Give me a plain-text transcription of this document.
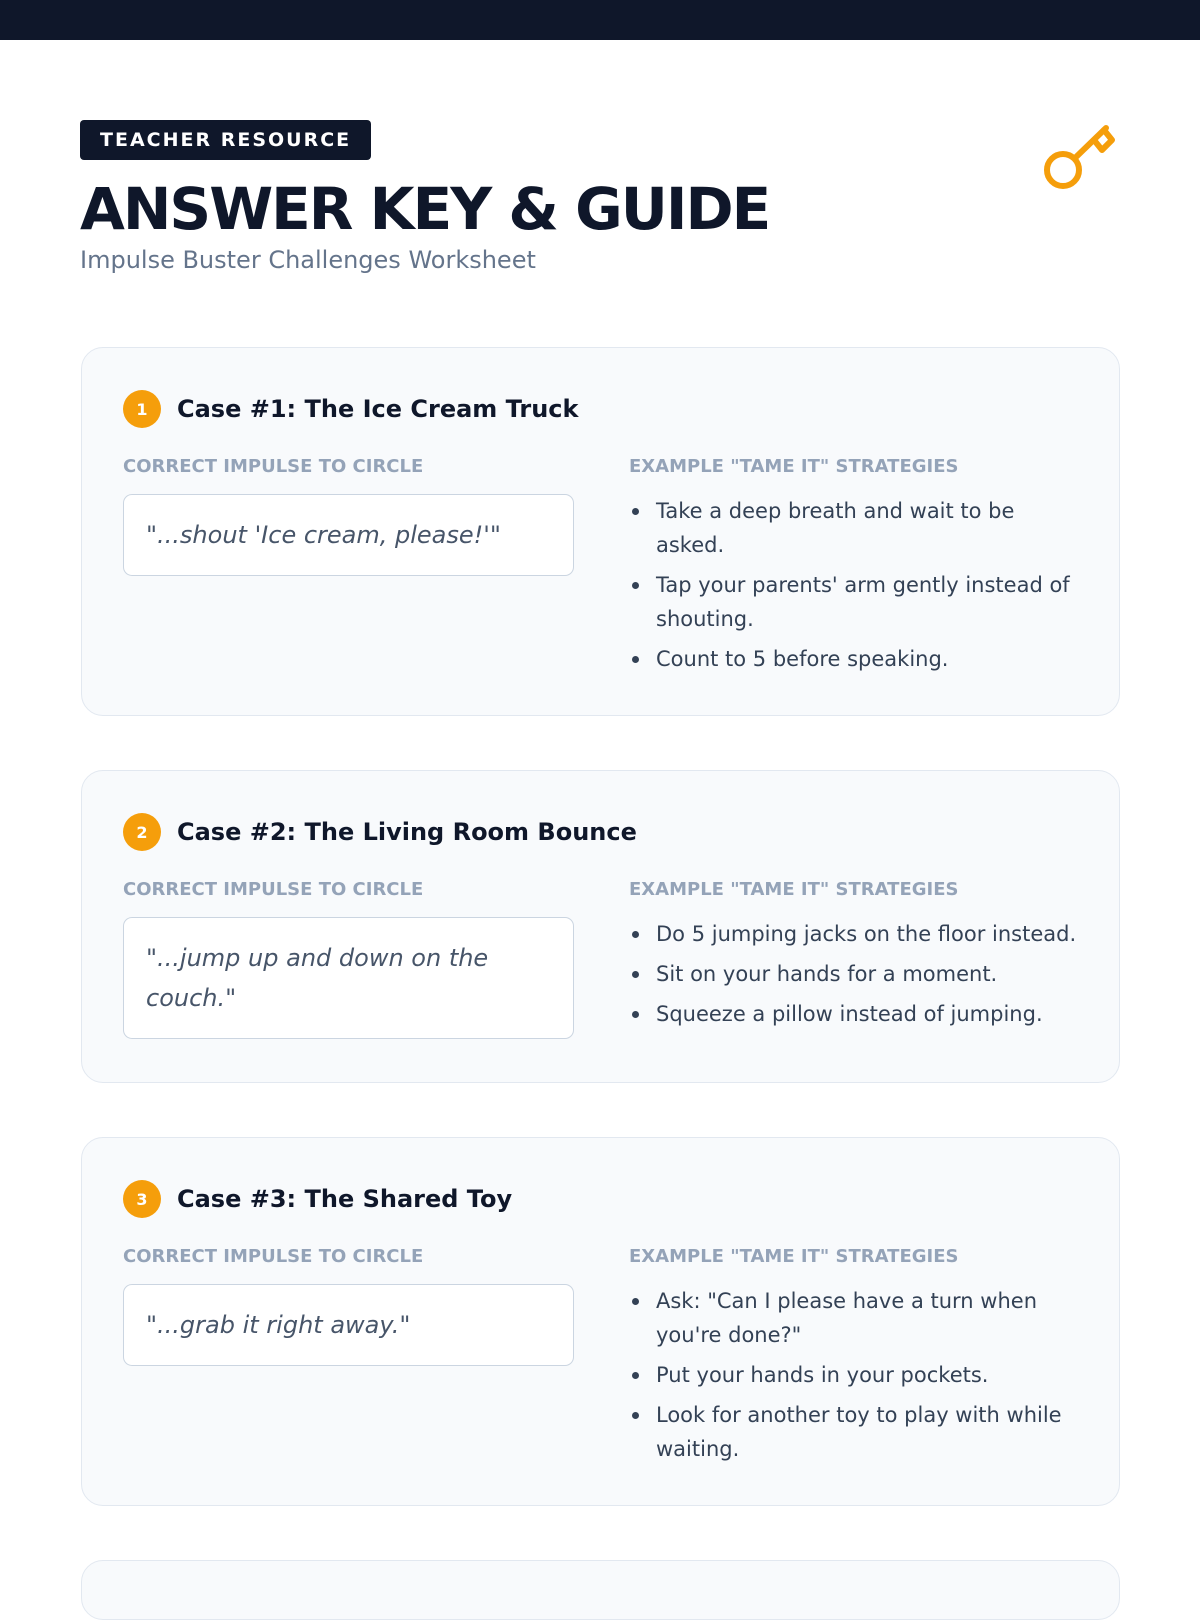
TEACHER RESOURCE
ANSWER KEY & GUIDE
Impulse Buster Challenges Worksheet
1	Case #1: The Ice Cream Truck
CORRECT IMPULSE TO CIRCLE	EXAMPLE "TAME IT" STRATEGIES
"...shout 'Ice cream, please!'"
Take a deep breath and wait to be asked.
Tap your parents' arm gently instead of shouting.
Count to 5 before speaking.
2	Case #2: The Living Room Bounce
CORRECT IMPULSE TO CIRCLE	EXAMPLE "TAME IT" STRATEGIES
"...jump up and down on the couch."
Do 5 jumping jacks on the floor instead.
Sit on your hands for a moment.
Squeeze a pillow instead of jumping.
3	Case #3: The Shared Toy
CORRECT IMPULSE TO CIRCLE	EXAMPLE "TAME IT" STRATEGIES
"...grab it right away."
Ask: "Can I please have a turn when you're done?"
Put your hands in your pockets.
Look for another toy to play with while waiting.
